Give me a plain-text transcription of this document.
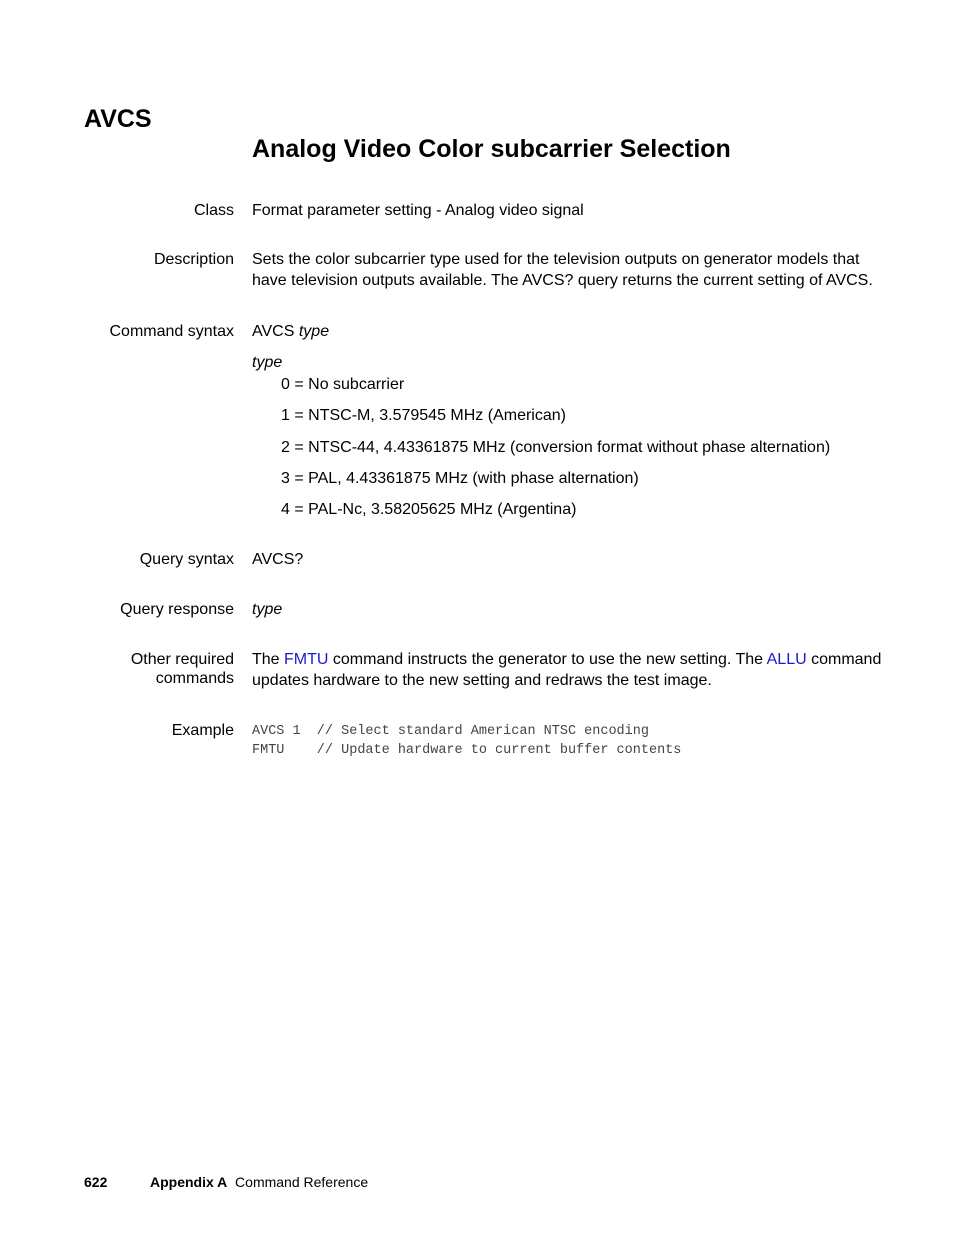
AVCS
Analog Video Color subcarrier Selection
Class Format parameter setting - Analog video signal
Description Sets the color subcarrier type used for the television outputs on generator models that
have television outputs available. The AVCS? query returns the current setting of AVCS.
Command syntax AVCS type
type
0 = No subcarrier
1 = NTSC-M, 3.579545 MHz (American)
2 = NTSC-44, 4.43361875 MHz (conversion format without phase alternation)
3 = PAL, 4.43361875 MHz (with phase alternation)
4 = PAL-Nc, 3.58205625 MHz (Argentina)
Query syntax AVCS?
Query response type
Other required
commands
The FMTU command instructs the generator to use the new setting. The ALLU command
updates hardware to the new setting and redraws the test image.
Example AVCS 1  // Select standard American NTSC encoding
FMTU    // Update hardware to current buffer contents
622	Appendix A Command Reference
